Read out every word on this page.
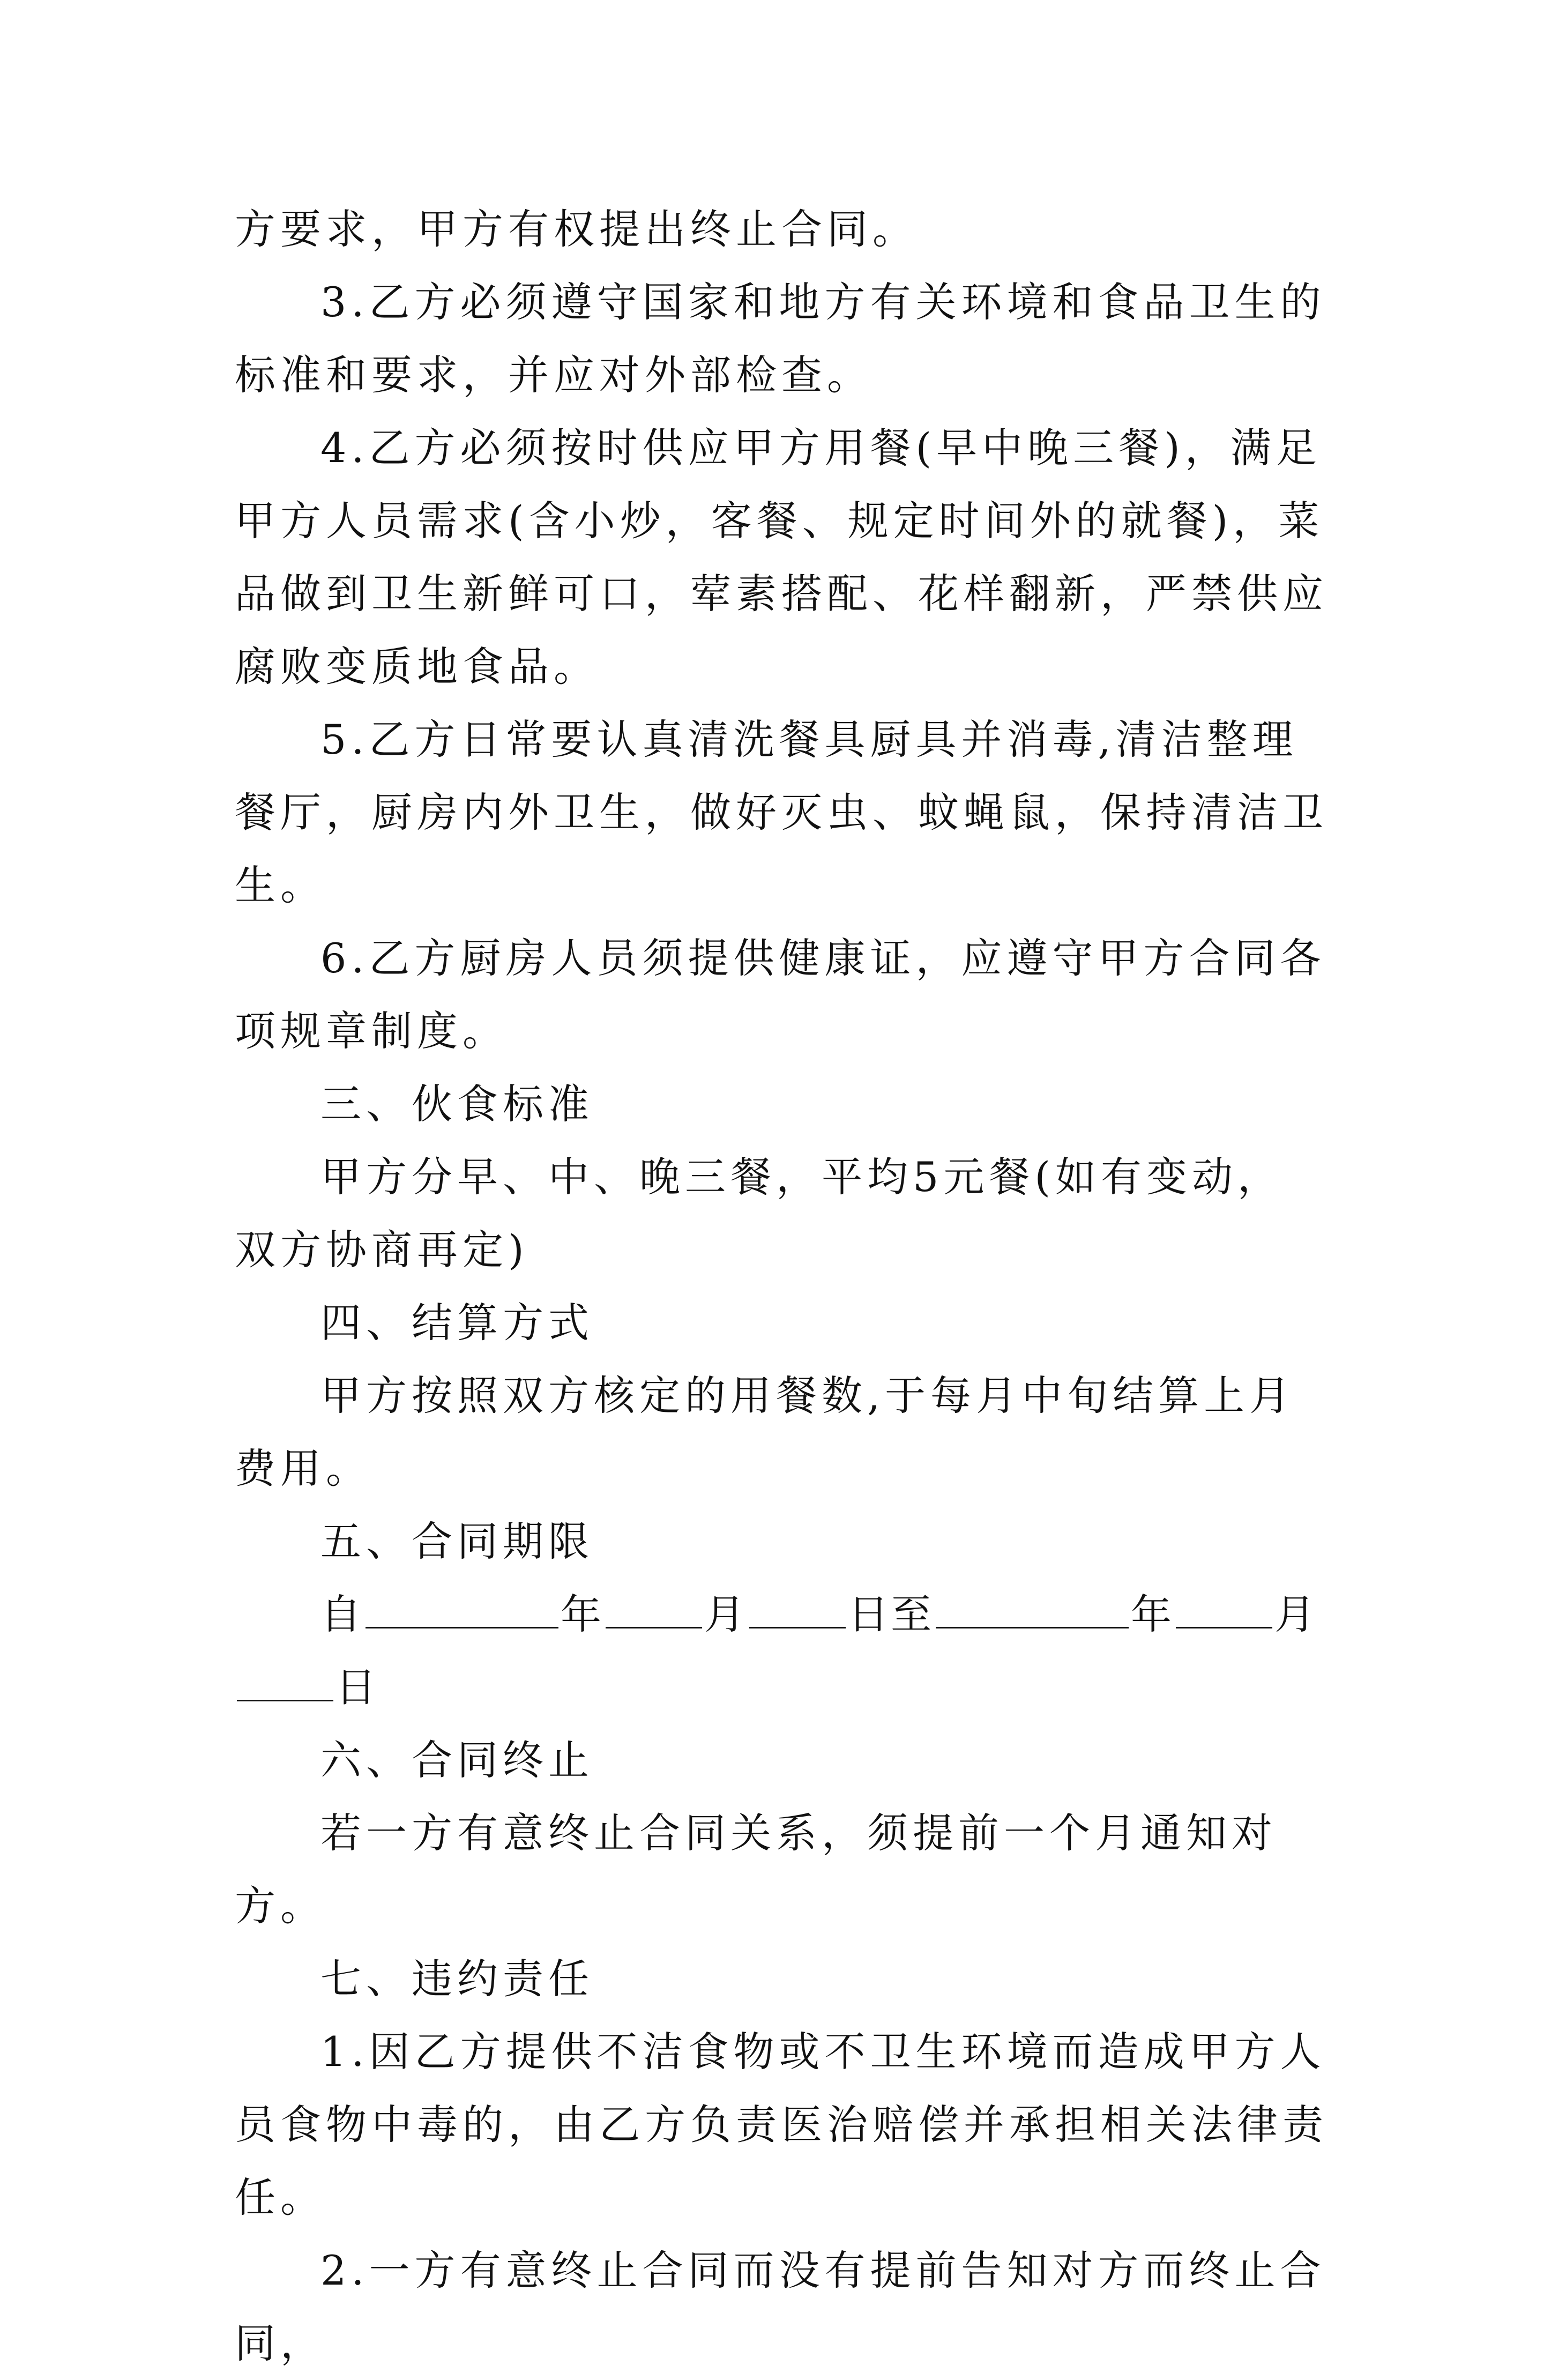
方要求，甲方有权提出终止合同。

3.乙方必须遵守国家和地方有关环境和食品卫生的标准和要求，并应对外部检查。

4.乙方必须按时供应甲方用餐(早中晚三餐)，满足甲方人员需求(含小炒，客餐、规定时间外的就餐)，菜品做到卫生新鲜可口，荤素搭配、花样翻新，严禁供应腐败变质地食品。

5.乙方日常要认真清洗餐具厨具并消毒,清洁整理餐厅，厨房内外卫生，做好灭虫、蚊蝇鼠，保持清洁卫生。

6.乙方厨房人员须提供健康证，应遵守甲方合同各项规章制度。

三、伙食标准

甲方分早、中、晚三餐，平均5元餐(如有变动，双方协商再定)

四、结算方式

甲方按照双方核定的用餐数,于每月中旬结算上月费用。

五、合同期限

自	年 月 日至	年 月日

六、合同终止

若一方有意终止合同关系，须提前一个月通知对方。

七、违约责任

1.因乙方提供不洁食物或不卫生环境而造成甲方人员食物中毒的，由乙方负责医治赔偿并承担相关法律责任。

2.一方有意终止合同而没有提前告知对方而终止合同，
